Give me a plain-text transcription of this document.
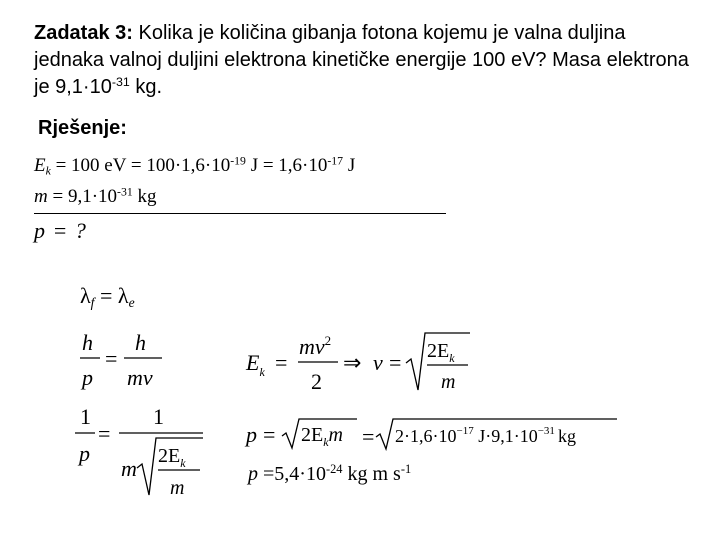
Zadatak 3: Kolika je količina gibanja fotona kojemu je valna duljina jednaka valnoj duljini elektrona kinetičke energije 100 eV? Masa elektrona je $9,1\cdot 10^{-31}$ kg.
Rješenje:
$E_k = 100$ eV = $100\cdot 1,6\cdot 10^{-19}$ $J = 1,6\cdot 10^{-17}$ J
$m = 9,1\cdot 10^{-31}$ kg
p = ?
$\lambda_f = \lambda_e$
h
p
=
h
mv
1
p
=
1
m $2E_k$
m
$E_k$ =
$mv^2$
2
⇒ $v = 2E_k$
m
$p = 2E_km = 2\cdot 1,6\cdot 10^{-17}$ $J\cdot 9,1\cdot 10^{-31}$ kg
$p =5,4\cdot 10^{-24}$ kg m $s^{-1}$
